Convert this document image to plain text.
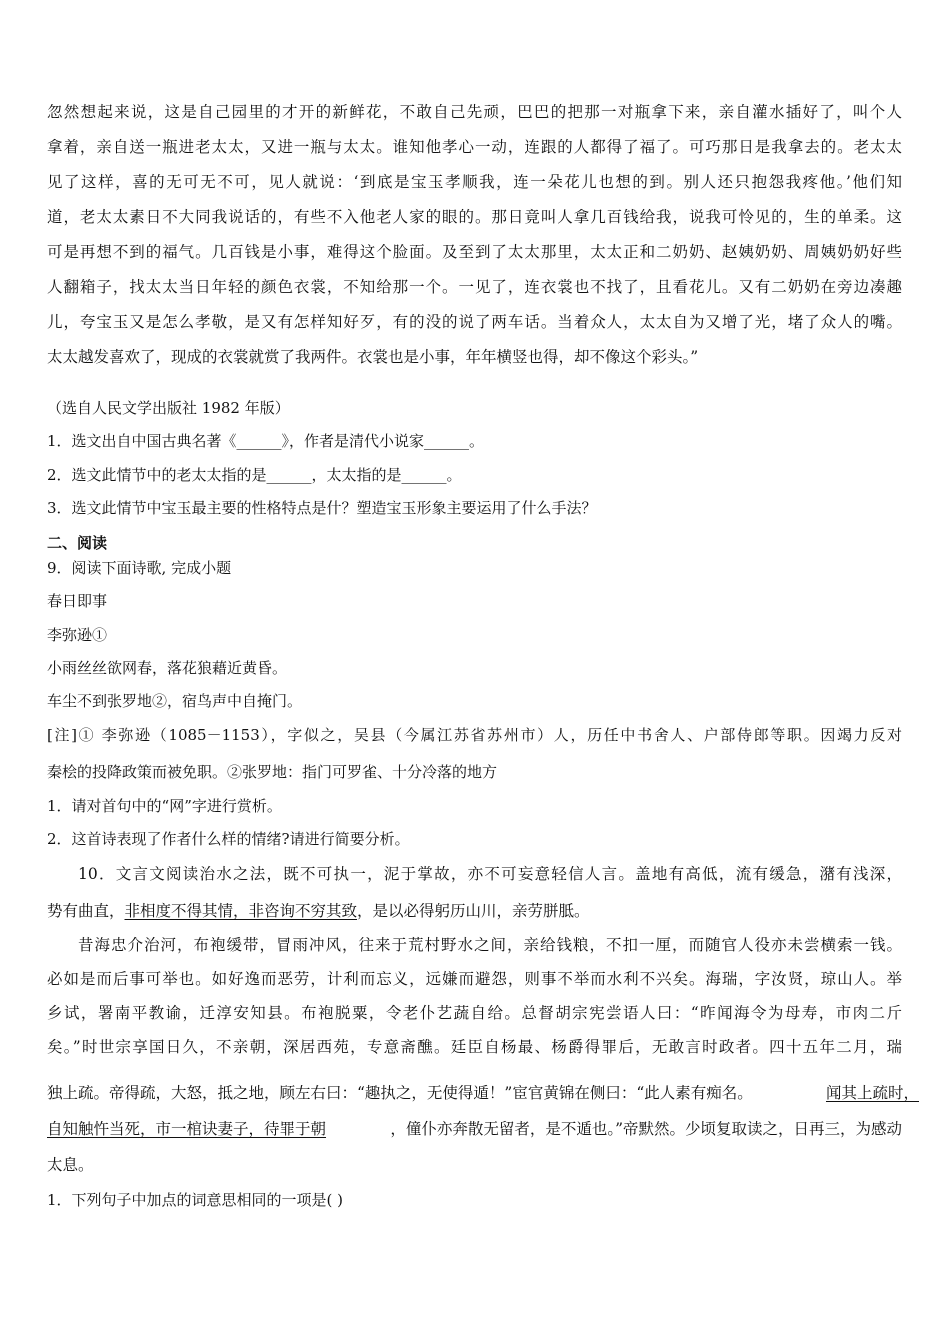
忽然想起来说，这是自己园里的才开的新鲜花，不敢自己先顽，巴巴的把那一对瓶拿下来，亲自灌水插好了，叫个人

拿着，亲自送一瓶进老太太，又进一瓶与太太。谁知他孝心一动，连跟的人都得了福了。可巧那日是我拿去的。老太太

见了这样，喜的无可无不可，见人就说：‘到底是宝玉孝顺我，连一朵花儿也想的到。别人还只抱怨我疼他。’他们知

道，老太太素日不大同我说话的，有些不入他老人家的眼的。那日竟叫人拿几百钱给我，说我可怜见的，生的单柔。这

可是再想不到的福气。几百钱是小事，难得这个脸面。及至到了太太那里，太太正和二奶奶、赵姨奶奶、周姨奶奶好些

人翻箱子，找太太当日年轻的颜色衣裳，不知给那一个。一见了，连衣裳也不找了，且看花儿。又有二奶奶在旁边凑趣

儿，夸宝玉又是怎么孝敬，是又有怎样知好歹，有的没的说了两车话。当着众人，太太自为又增了光，堵了众人的嘴。

太太越发喜欢了，现成的衣裳就赏了我两件。衣裳也是小事，年年横竖也得，却不像这个彩头。”

（选自人民文学出版社 1982 年版）

1．选文出自中国古典名著《______》，作者是清代小说家______。

2．选文此情节中的老太太指的是______，太太指的是______。

3．选文此情节中宝玉最主要的性格特点是什？塑造宝玉形象主要运用了什么手法？

二、阅读

9．阅读下面诗歌, 完成小题

春日即事

李弥逊①

小雨丝丝欲网春，落花狼藉近黄昏。

车尘不到张罗地②，宿鸟声中自掩门。

[注]① 李弥逊（1085－1153），字似之，吴县（今属江苏省苏州市）人，历任中书舍人、户部侍郎等职。因竭力反对

秦桧的投降政策而被免职。②张罗地：指门可罗雀、十分冷落的地方

1．请对首句中的“网”字进行赏析。

2．这首诗表现了作者什么样的情绪?请进行简要分析。

10．文言文阅读治水之法，既不可执一，泥于掌故，亦不可妄意轻信人言。盖地有高低，流有缓急，潴有浅深，

势有曲直，非相度不得其情，非咨询不穷其致，是以必得躬历山川，亲劳胼胝。

昔海忠介治河，布袍缓带，冒雨冲风，往来于荒村野水之间，亲给钱粮，不扣一厘，而随官人役亦未尝横索一钱。

必如是而后事可举也。如好逸而恶劳，计利而忘义，远嫌而避怨，则事不举而水利不兴矣。海瑞，字汝贤，琼山人。举

乡试，署南平教谕，迁淳安知县。布袍脱粟，令老仆艺蔬自给。总督胡宗宪尝语人曰：“昨闻海令为母寿，市肉二斤

矣。”时世宗享国日久，不亲朝，深居西苑，专意斋醮。廷臣自杨最、杨爵得罪后，无敢言时政者。四十五年二月，瑞

独上疏。帝得疏，大怒，抵之地，顾左右曰：“趣执之，无使得遁！”宦官黄锦在侧曰：“此人素有痴名。	闻其上疏时，

自知触忤当死，市一棺诀妻子，待罪于朝	，僮仆亦奔散无留者，是不遁也。”帝默然。少顷复取读之，日再三，为感动

太息。

1．下列句子中加点的词意思相同的一项是( )
